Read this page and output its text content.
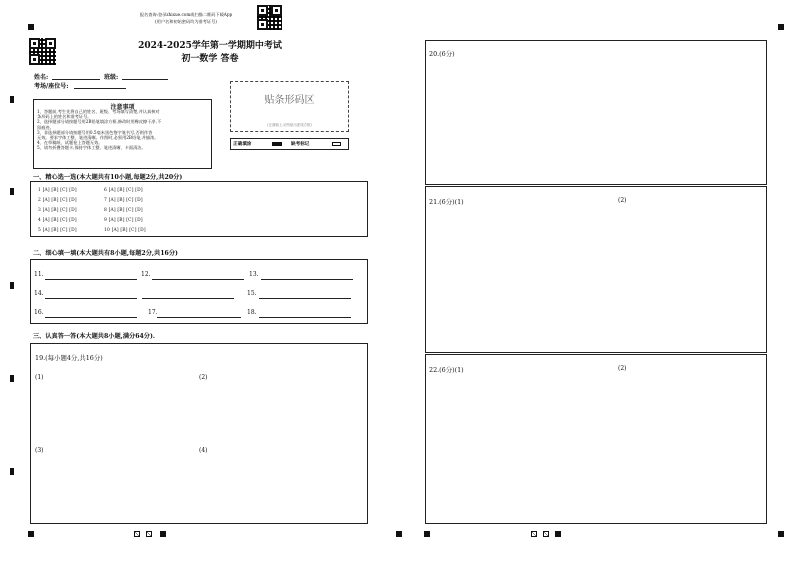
报名查询:登录zhixue.com或扫描二维码下载App
(用户名和初始密码均为准考证号)
2024-2025学年第一学期期中考试
初一数学 答卷
姓名:	班级:
考场/座位号:
注意事项
1、答题前,考生先将自己的姓名、班级、考场填写清楚,并认真核对
条形码上的姓名和准考证号。
2、选择题部分请按题号用2B铅笔填涂方框,修改时用橡皮擦干净,不
留痕迹。
3、非选择题部分请按题号用0.5毫米黑色签字笔书写,否则作答
无效。要求字体工整、笔迹清晰。作图时,必须用2B铅笔,并描浓。
4、在草稿纸、试题卷上答题无效。
5、请勿折叠答题卡,保持字体工整、笔迹清晰、卡面清洁。
贴条形码区
(正面朝上,切勿贴出虚线方框)
正确填涂	缺考标记
一、精心选一选(本大题共有10小题,每题2分,共20分)
1 [A] [B] [C] [D]
2 [A] [B] [C] [D]
3 [A] [B] [C] [D]
4 [A] [B] [C] [D]
5 [A] [B] [C] [D]
6 [A] [B] [C] [D]
7 [A] [B] [C] [D]
8 [A] [B] [C] [D]
9 [A] [B] [C] [D]
10 [A] [B] [C] [D]
二、细心填一填(本大题共有8小题,每题2分,共16分)
11.	12.	13.
14.	15.
16.	17.	18.
三、认真答一答(本大题共8小题,满分64分).
19.(每小题4分,共16分)
(1)	(2)
(3)	(4)
20.(6分)
21.(6分)(1)	(2)
22.(6分)(1)	(2)
